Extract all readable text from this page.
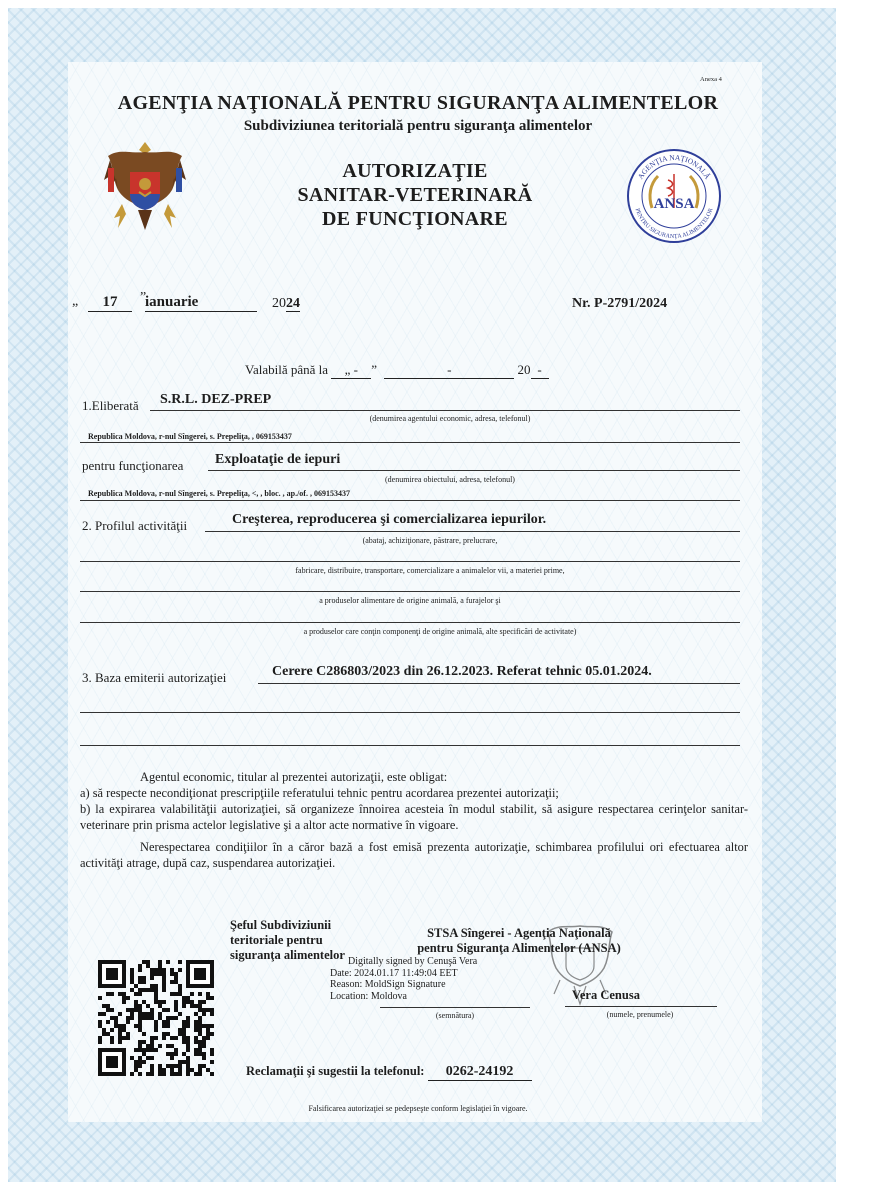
Anexa 4
AGENŢIA NAŢIONALĂ PENTRU SIGURANŢA ALIMENTELOR
Subdiviziunea teritorială pentru siguranţa alimentelor
AUTORIZAŢIE
SANITAR-VETERINARĂ
DE FUNCŢIONARE
AGENŢIA NAŢIONALĂ
PENTRU SIGURANŢA ALIMENTELOR
ANSA
„	17	”
ianuarie	2024	Nr. P-2791/2024
Valabilă până la „ - ”	-	20 -
1.Eliberată S.R.L. DEZ-PREP
(denumirea agentului economic, adresa, telefonul)
Republica Moldova, r-nul Sîngerei, s. Prepeliţa, , 069153437
pentru funcţionarea Exploataţie de iepuri
(denumirea obiectului, adresa, telefonul)
Republica Moldova, r-nul Sîngerei, s. Prepeliţa, <, , bloc. , ap./of. , 069153437
2. Profilul activităţii	Creşterea, reproducerea şi comercializarea iepurilor.
(abataj, achiziţionare, păstrare, prelucrare,
fabricare, distribuire, transportare, comercializare a animalelor vii, a materiei prime,
a produselor alimentare de origine animală, a furajelor şi
a produselor care conţin componenţi de origine animală, alte specificări de activitate)
3. Baza emiterii autorizaţiei	Cerere C286803/2023 din 26.12.2023. Referat tehnic 05.01.2024.
Agentul economic, titular al prezentei autorizaţii, este obligat:
a) să respecte necondiţionat prescripţiile referatului tehnic pentru acordarea prezentei autorizaţii;
b) la expirarea valabilităţii autorizaţiei, să organizeze înnoirea acesteia în modul stabilit, să asigure respectarea cerinţelor sanitar-veterinare prin prisma actelor legislative şi a altor acte normative în vigoare.
Nerespectarea condiţiilor în a căror bază a fost emisă prezenta autorizaţie, schimbarea profilului ori efectuarea altor activităţi atrage, după caz, suspendarea autorizaţiei.
Şeful Subdiviziunii
teritoriale pentru
siguranţa alimentelor
STSA Sîngerei - Agenţia Naţională
pentru Siguranţa Alimentelor (ANSA)
Digitally signed by Cenuşă Vera
Date: 2024.01.17 11:49:04 EET
Reason: MoldSign Signature
Location: Moldova
(semnătura)
Vera Cenusa
(numele, prenumele)
Reclamaţii şi sugestii la telefonul: 0262-24192
Falsificarea autorizaţiei se pedepseşte conform legislaţiei în vigoare.
